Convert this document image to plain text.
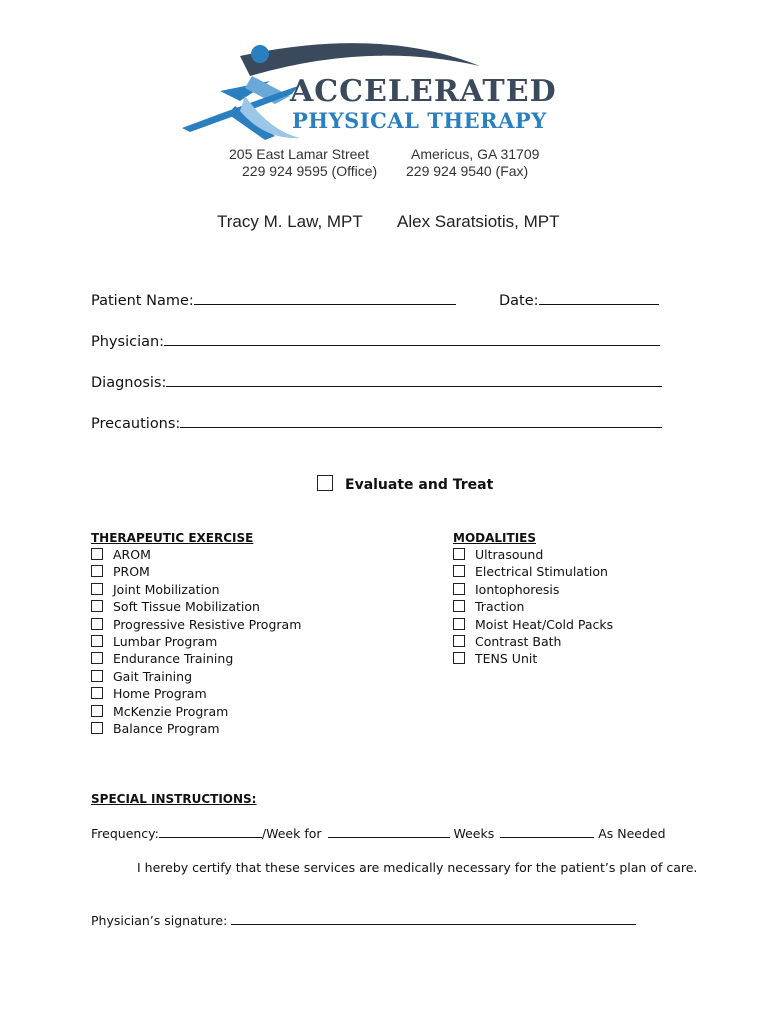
ACCELERATED
PHYSICAL THERAPY
205 East Lamar Street	Americus, GA 31709
229 924 9595 (Office) 229 924 9540 (Fax)
Tracy M. Law, MPT Alex Saratsiotis, MPT
Patient Name:	Date:
Physician:
Diagnosis:
Precautions:
Evaluate and Treat
THERAPEUTIC EXERCISE
AROM
PROM
Joint Mobilization
Soft Tissue Mobilization
Progressive Resistive Program
Lumbar Program
Endurance Training
Gait Training
Home Program
McKenzie Program
Balance Program
MODALITIES
Ultrasound
Electrical Stimulation
Iontophoresis
Traction
Moist Heat/Cold Packs
Contrast Bath
TENS Unit
SPECIAL INSTRUCTIONS:
Frequency:	/Week for	Weeks	As Needed
I hereby certify that these services are medically necessary for the patient’s plan of care.
Physician’s signature:
